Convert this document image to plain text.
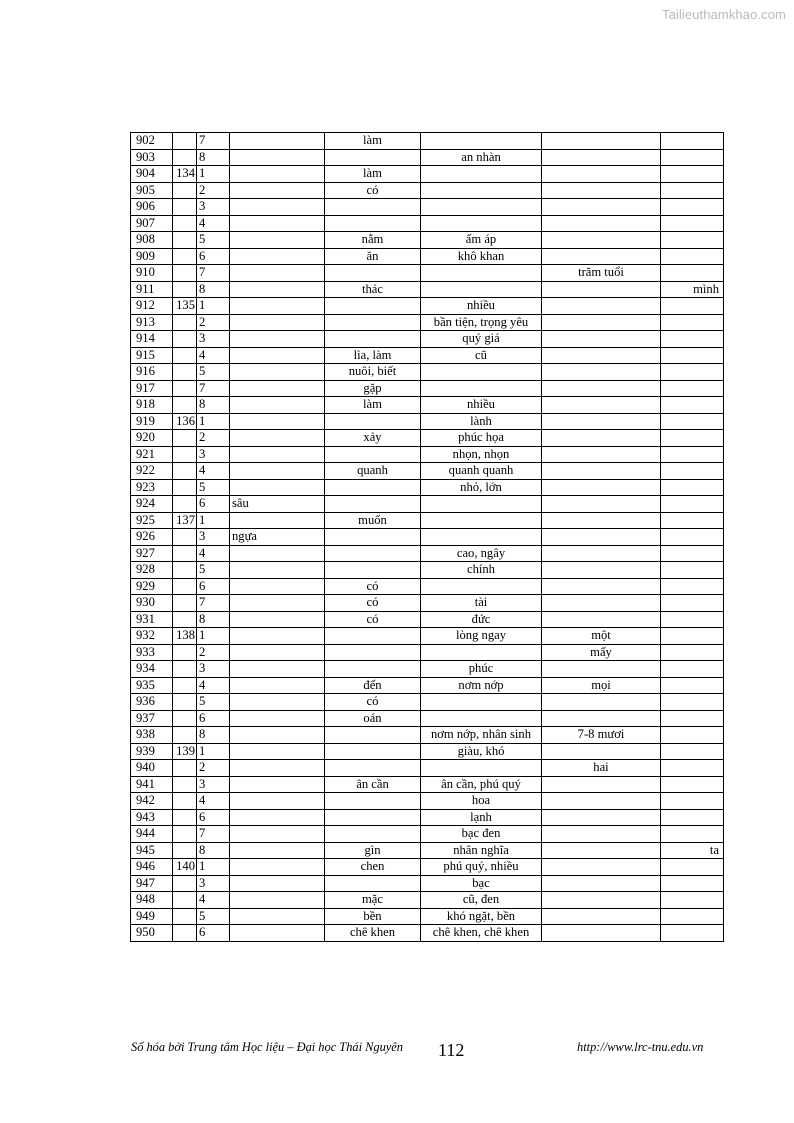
Tailieuthamkhao.com
902		7		làm			
903		8			an nhàn		
904	134	1		làm			
905		2		có			
906		3					
907		4					
908		5		nằm	ấm áp		
909		6		ăn	khô khan		
910		7				trăm tuổi	
911		8		thác			mình
912	135	1			nhiều		
913		2			bần tiện, trọng yêu		
914		3			quý giá		
915		4		lìa, làm	cũ		
916		5		nuôi, biết			
917		7		gặp			
918		8		làm	nhiều		
919	136	1			lành		
920		2		xảy	phúc họa		
921		3			nhọn, nhọn		
922		4		quanh	quanh quanh		
923		5			nhỏ, lớn		
924		6	sâu				
925	137	1		muốn			
926		3	ngựa				
927		4			cao, ngây		
928		5			chính		
929		6		có			
930		7		có	tài		
931		8		có	đức		
932	138	1			lòng ngay	một	
933		2				mấy	
934		3			phúc		
935		4		đến	nơm nớp	mọi	
936		5		có			
937		6		oán			
938		8			nơm nớp, nhân sinh	7-8 mươi	
939	139	1			giàu, khó		
940		2				hai	
941		3		ân cần	ân cần, phú quý		
942		4			hoa		
943		6			lạnh		
944		7			bạc đen		
945		8		gìn	nhân nghĩa		ta
946	140	1		chen	phú quý, nhiều		
947		3			bạc		
948		4		mặc	cũ, đen		
949		5		bền	khó ngặt, bền		
950		6		chê khen	chê khen, chê khen		
Số hóa bởi Trung tâm Học liệu – Đại học Thái Nguyên 112	http://www.lrc-tnu.edu.vn
